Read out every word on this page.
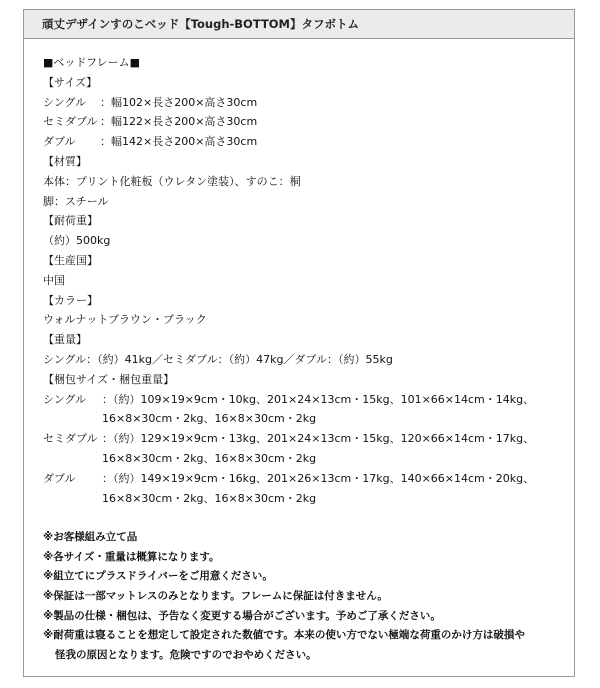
頑丈デザインすのこベッド【Tough-BOTTOM】タフボトム
■ベッドフレーム■
【サイズ】
シングル	：幅102×長さ200×高さ30cm
セミダブル ：幅122×長さ200×高さ30cm
ダブル	：幅142×長さ200×高さ30cm
【材質】
本体：プリント化粧板（ウレタン塗装）、すのこ：桐
脚：スチール
【耐荷重】
（約）500kg
【生産国】
中国
【カラー】
ウォルナットブラウン・ブラック
【重量】
シングル：（約）41kg／セミダブル：（約）47kg／ダブル：（約）55kg
【梱包サイズ・梱包重量】
シングル	：（約）109×19×9cm・10kg、201×24×13cm・15kg、101×66×14cm・14kg、
16×8×30cm・2kg、16×8×30cm・2kg
セミダブル ：（約）129×19×9cm・13kg、201×24×13cm・15kg、120×66×14cm・17kg、
16×8×30cm・2kg、16×8×30cm・2kg
ダブル	：（約）149×19×9cm・16kg、201×26×13cm・17kg、140×66×14cm・20kg、
16×8×30cm・2kg、16×8×30cm・2kg
※お客様組み立て品
※各サイズ・重量は概算になります。
※組立てにプラスドライバーをご用意ください。
※保証は一部マットレスのみとなります。フレームに保証は付きません。
※製品の仕様・梱包は、予告なく変更する場合がございます。予めご了承ください。
※耐荷重は寝ることを想定して設定された数値です。本来の使い方でない極端な荷重のかけ方は破損や
怪我の原因となります。危険ですのでおやめください。
